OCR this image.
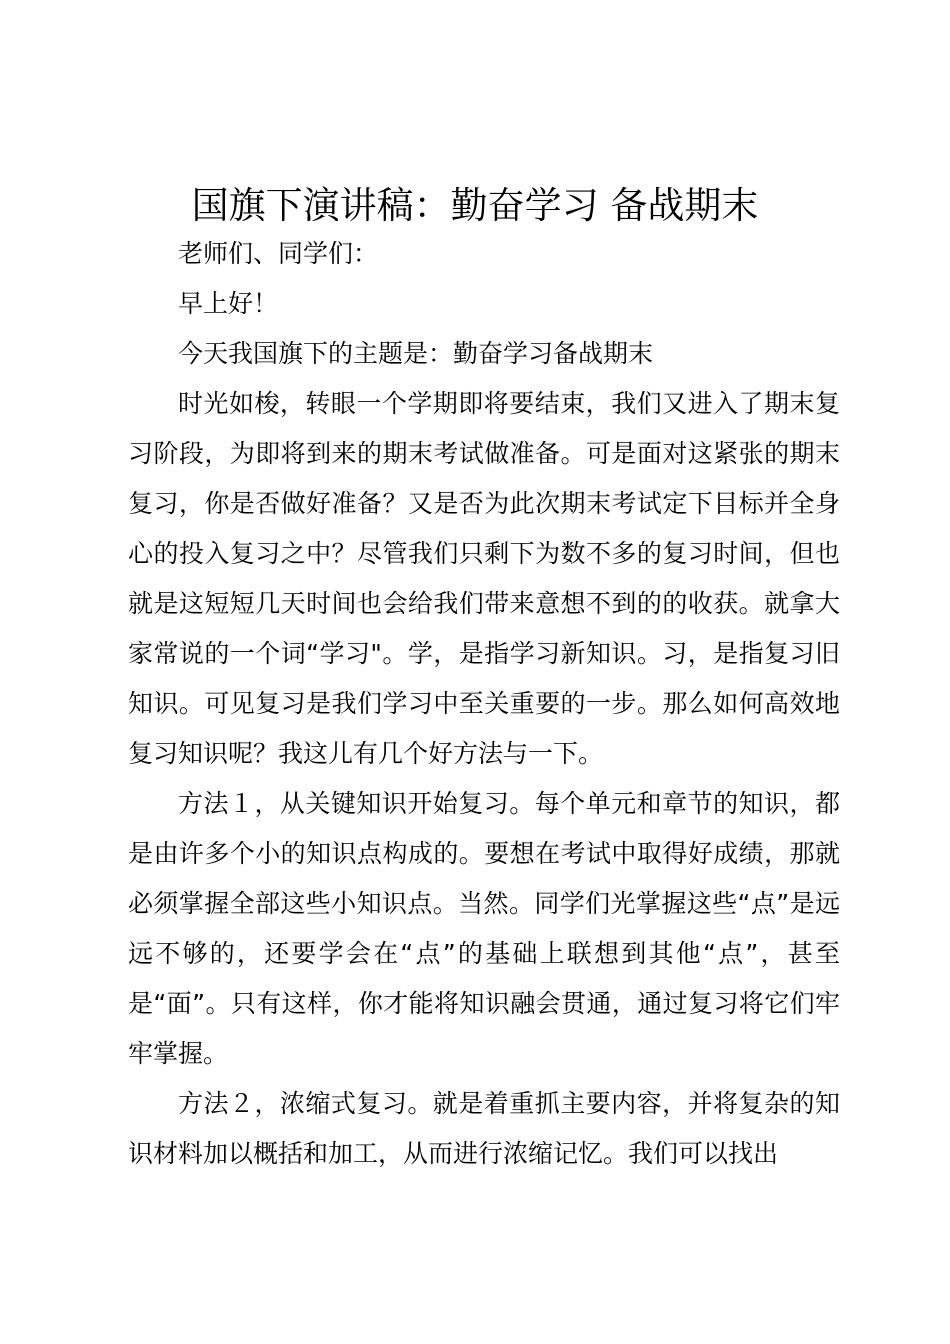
国旗下演讲稿：勤奋学习 备战期末

老师们、同学们：

早上好！

今天我国旗下的主题是：勤奋学习备战期末

时光如梭，转眼一个学期即将要结束，我们又进入了期末复习阶段，为即将到来的期末考试做准备。可是面对这紧张的期末复习，你是否做好准备？又是否为此次期末考试定下目标并全身心的投入复习之中？尽管我们只剩下为数不多的复习时间，但也就是这短短几天时间也会给我们带来意想不到的的收获。就拿大家常说的一个词“学习"。学，是指学习新知识。习，是指复习旧知识。可见复习是我们学习中至关重要的一步。那么如何高效地复习知识呢？我这儿有几个好方法与一下。

方法１，从关键知识开始复习。每个单元和章节的知识，都是由许多个小的知识点构成的。要想在考试中取得好成绩，那就必须掌握全部这些小知识点。当然。同学们光掌握这些“点”是远远不够的，还要学会在“点”的基础上联想到其他“点”，甚至是“面”。只有这样，你才能将知识融会贯通，通过复习将它们牢牢掌握。

方法２，浓缩式复习。就是着重抓主要内容，并将复杂的知识材料加以概括和加工，从而进行浓缩记忆。我们可以找出
